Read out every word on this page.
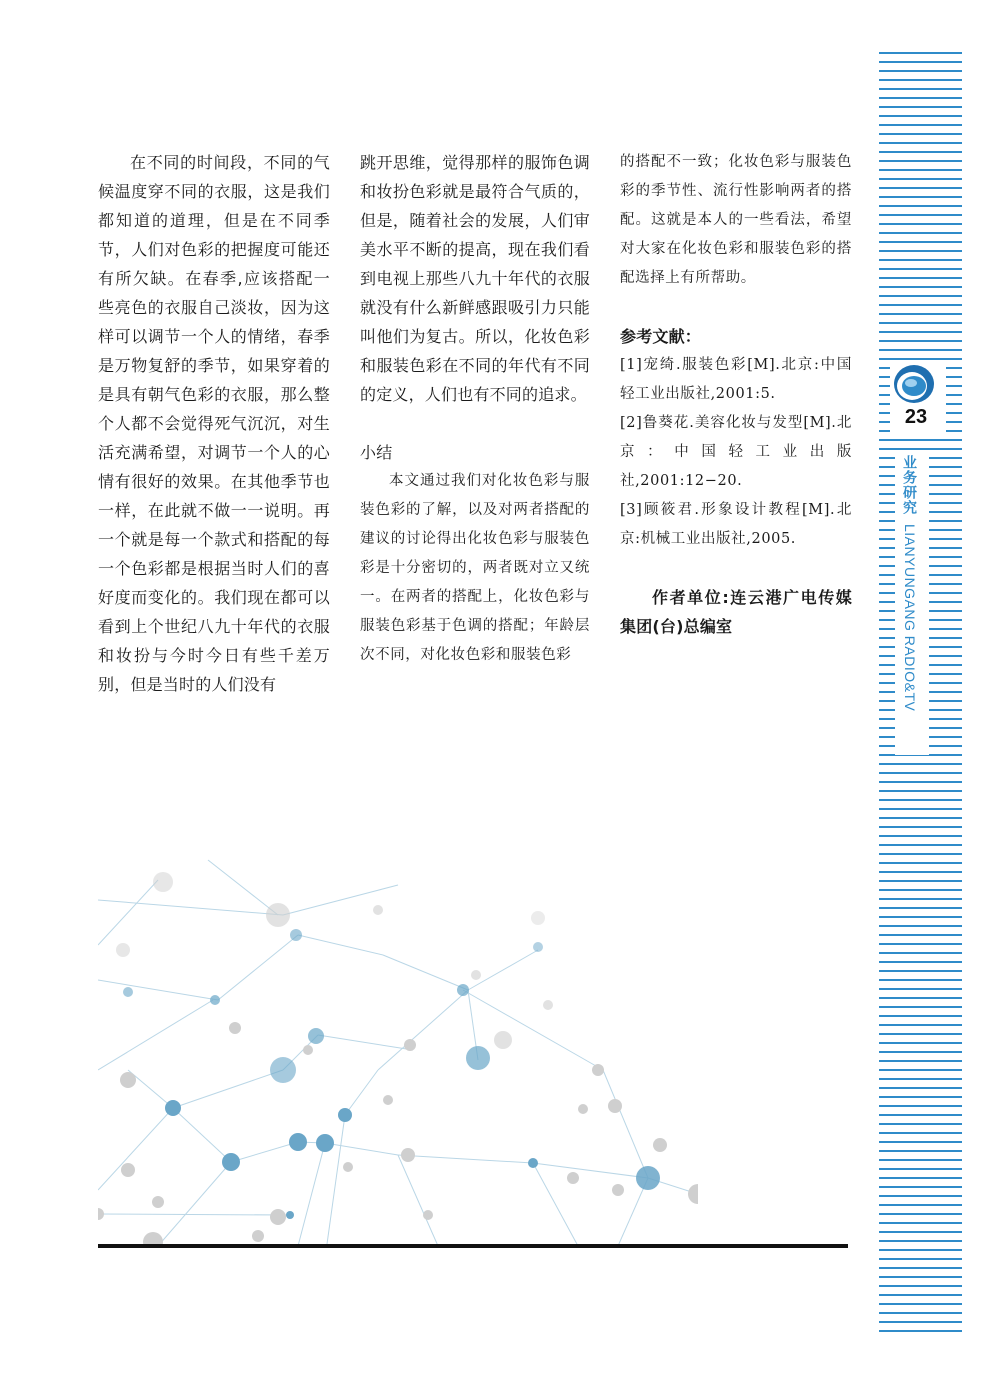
在不同的时间段，不同的气候温度穿不同的衣服，这是我们都知道的道理，但是在不同季节，人们对色彩的把握度可能还有所欠缺。在春季,应该搭配一些亮色的衣服自己淡妆，因为这样可以调节一个人的情绪，春季是万物复舒的季节，如果穿着的是具有朝气色彩的衣服，那么整个人都不会觉得死气沉沉，对生活充满希望，对调节一个人的心情有很好的效果。在其他季节也一样，在此就不做一一说明。再一个就是每一个款式和搭配的每一个色彩都是根据当时人们的喜好度而变化的。我们现在都可以看到上个世纪八九十年代的衣服和妆扮与今时今日有些千差万别，但是当时的人们没有

跳开思维，觉得那样的服饰色调和妆扮色彩就是最符合气质的，但是，随着社会的发展，人们审美水平不断的提高，现在我们看到电视上那些八九十年代的衣服就没有什么新鲜感跟吸引力只能叫他们为复古。所以，化妆色彩和服装色彩在不同的年代有不同的定义，人们也有不同的追求。

小结

本文通过我们对化妆色彩与服装色彩的了解，以及对两者搭配的建议的讨论得出化妆色彩与服装色彩是十分密切的，两者既对立又统一。在两者的搭配上，化妆色彩与服装色彩基于色调的搭配；年龄层次不同，对化妆色彩和服装色彩

的搭配不一致；化妆色彩与服装色彩的季节性、流行性影响两者的搭配。这就是本人的一些看法，希望对大家在化妆色彩和服装色彩的搭配选择上有所帮助。

参考文献：

[1]宠绮.服装色彩[M].北京:中国轻工业出版社,2001:5.

[2]鲁葵花.美容化妆与发型[M].北京：中国轻工业出版社,2001:12−20.

[3]顾筱君.形象设计教程[M].北京:机械工业出版社,2005.

作者单位:连云港广电传媒集团(台)总编室

23
业务研究 LIANYUNGANG RADIO&TV
